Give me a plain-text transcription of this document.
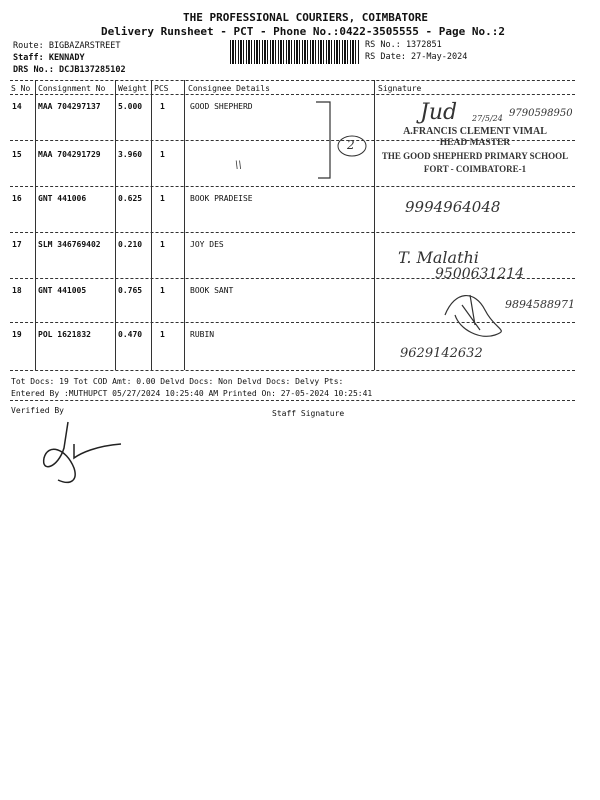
THE PROFESSIONAL COURIERS, COIMBATORE
Delivery Runsheet - PCT - Phone No.:0422-3505555 - Page No.:2
Route: BIGBAZARSTREET
Staff: KENNADY
DRS No.: DCJB137285102
RS No.: 1372851
RS Date: 27-May-2024
S No Consignment No Weight PCS Consignee Details	Signature
14 MAA 704297137 5.000 1	GOOD SHEPHERD
15 MAA 704291729 3.960 1
\\
2
Jud 27/5/24 9790598950
A.FRANCIS CLEMENT VIMAL
HEAD MASTER
THE GOOD SHEPHERD PRIMARY SCHOOL
FORT - COIMBATORE-1
16 GNT 441006	0.625 1	BOOK PRADEISE	9994964048
17 SLM 346769402 0.210 1	JOY DES
T. Malathi
9500631214
18 GNT 441005	0.765 1	BOOK SANT
9894588971
19 POL 1621832	0.470 1	RUBIN
9629142632
Tot Docs: 19 Tot COD Amt: 0.00 Delvd Docs: Non Delvd Docs: Delvy Pts:
Entered By :MUTHUPCT 05/27/2024 10:25:40 AM Printed On: 27-05-2024 10:25:41
Verified By	Staff Signature
